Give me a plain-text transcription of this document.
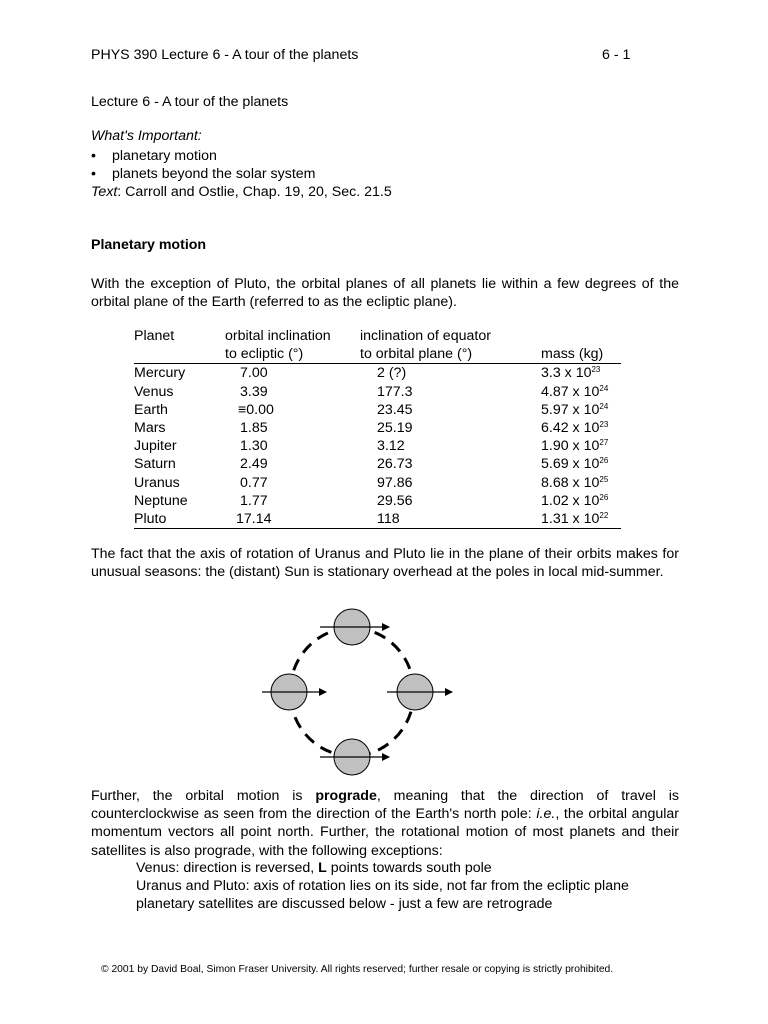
PHYS 390 Lecture 6 - A tour of the planets	6 - 1
Lecture 6 - A tour of the planets
What's Important:
• planetary motion
• planets beyond the solar system
Text: Carroll and Ostlie, Chap. 19, 20, Sec. 21.5
Planetary motion
With the exception of Pluto, the orbital planes of all planets lie within a few degrees of the orbital plane of the Earth (referred to as the ecliptic plane).
Planet	orbital inclination	inclination of equator	
	to ecliptic (°)	to orbital plane (°)	mass (kg)
Mercury	7.00	2 (?)	3.3 x $10^{23}$
Venus	3.39	177.3	4.87 x $10^{24}$
Earth	≡0.00	23.45	5.97 x $10^{24}$
Mars	1.85	25.19	6.42 x $10^{23}$
Jupiter	1.30	3.12	1.90 x $10^{27}$
Saturn	2.49	26.73	5.69 x $10^{26}$
Uranus	0.77	97.86	8.68 x $10^{25}$
Neptune	1.77	29.56	1.02 x $10^{26}$
Pluto	17.14	118	1.31 x $10^{22}$
The fact that the axis of rotation of Uranus and Pluto lie in the plane of their orbits makes for unusual seasons: the (distant) Sun is stationary overhead at the poles in local mid-summer.
Further, the orbital motion is prograde, meaning that the direction of travel is counterclockwise as seen from the direction of the Earth's north pole: i.e., the orbital angular momentum vectors all point north. Further, the rotational motion of most planets and their satellites is also prograde, with the following exceptions:
Venus: direction is reversed, L points towards south pole
Uranus and Pluto: axis of rotation lies on its side, not far from the ecliptic plane
planetary satellites are discussed below - just a few are retrograde
© 2001 by David Boal, Simon Fraser University. All rights reserved; further resale or copying is strictly prohibited.
